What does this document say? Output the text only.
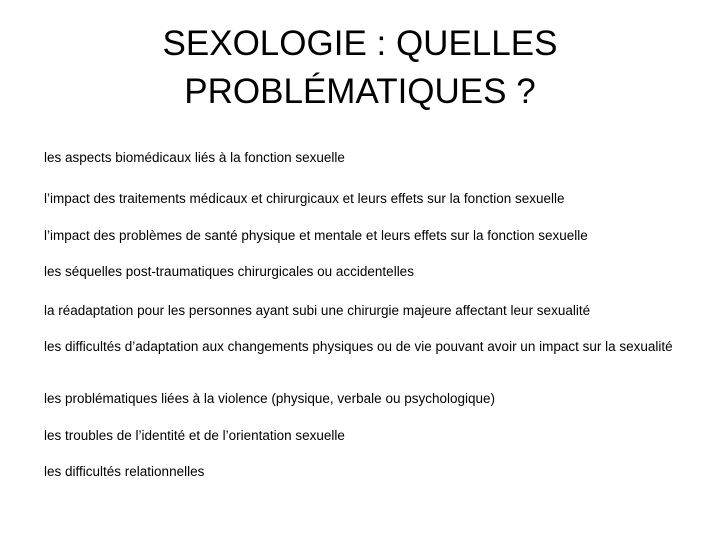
SEXOLOGIE : QUELLES
PROBLÉMATIQUES ?
les aspects biomédicaux liés à la fonction sexuelle
l’impact des traitements médicaux et chirurgicaux et leurs effets sur la fonction sexuelle
l’impact des problèmes de santé physique et mentale et leurs effets sur la fonction sexuelle
les séquelles post-traumatiques chirurgicales ou accidentelles
la réadaptation pour les personnes ayant subi une chirurgie majeure affectant leur sexualité
les difficultés d’adaptation aux changements physiques ou de vie pouvant avoir un impact sur la sexualité
les problématiques liées à la violence (physique, verbale ou psychologique)
les troubles de l’identité et de l’orientation sexuelle
les difficultés relationnelles
